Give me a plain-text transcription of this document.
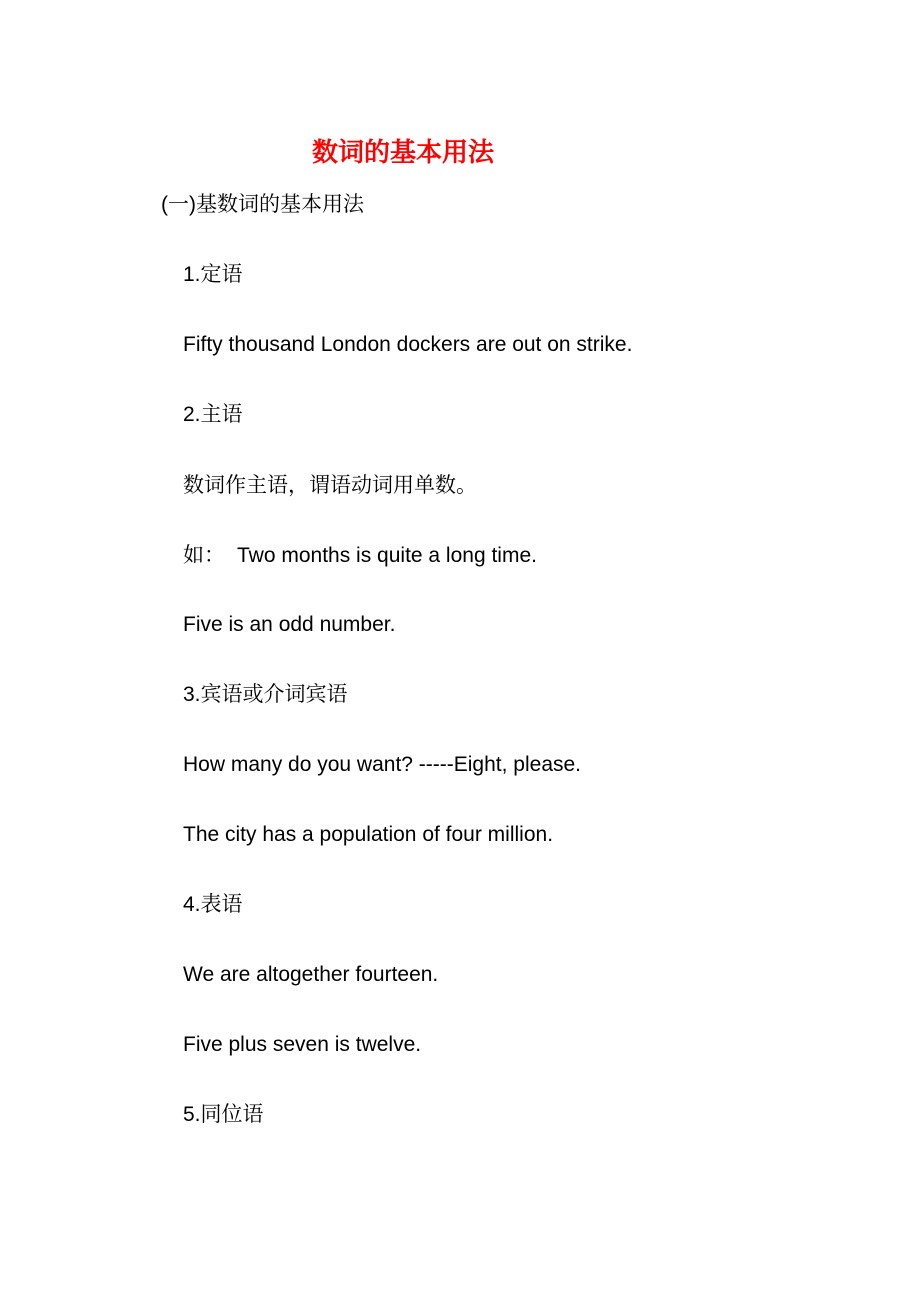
数词的基本用法
(一)基数词的基本用法
1.定语
Fifty thousand London dockers are out on strike.
2.主语
数词作主语，谓语动词用单数。
如： Two months is quite a long time.
Five is an odd number.
3.宾语或介词宾语
How many do you want? -----Eight, please.
The city has a population of four million.
4.表语
We are altogether fourteen.
Five plus seven is twelve.
5.同位语
